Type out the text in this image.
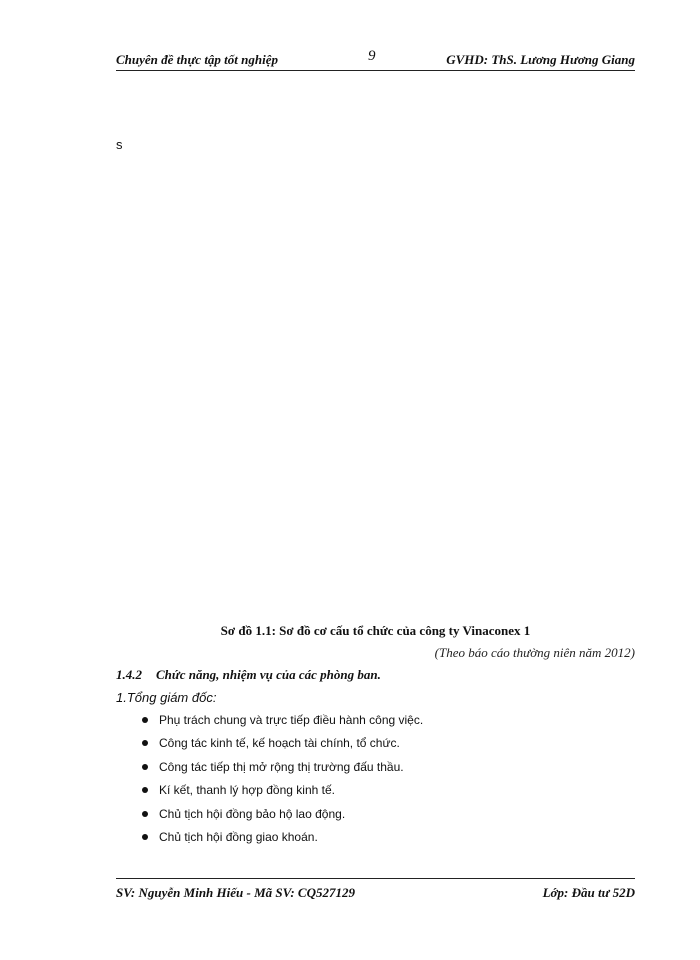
Chuyên đề thực tập tốt nghiệp	9	GVHD: ThS. Lương Hương Giang
s
Sơ đồ 1.1: Sơ đồ cơ cấu tổ chức của công ty Vinaconex 1
(Theo báo cáo thường niên năm 2012)
1.4.2 Chức năng, nhiệm vụ của các phòng ban.
1.Tổng giám đốc:
Phụ trách chung và trực tiếp điều hành công việc.
Công tác kinh tế, kế hoạch tài chính, tổ chức.
Công tác tiếp thị mở rộng thị trường đấu thầu.
Kí kết, thanh lý hợp đồng kinh tế.
Chủ tịch hội đồng bảo hộ lao động.
Chủ tịch hội đồng giao khoán.
SV: Nguyễn Minh Hiếu - Mã SV: CQ527129	Lớp: Đầu tư 52D
